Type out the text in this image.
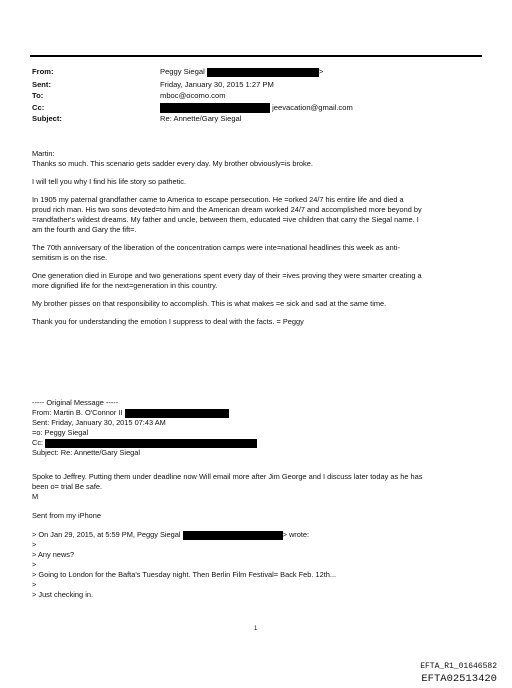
From:	Peggy Siegal	>
Sent:	Friday, January 30, 2015 1:27 PM
To:	mboc@ocomo.com
Cc:	jeevacation@gmail.com
Subject:	Re: Annette/Gary Siegal
Martin:

Thanks so much. This scenario gets sadder every day. My brother obviously=is broke.

I will tell you why I find his life story so pathetic.

In 1905 my paternal grandfather came to America to escape persecution. He =orked 24/7 his entire life and died a
proud rich man. His two sons devoted=to him and the American dream worked 24/7 and accomplished more beyond by
=randfather's wildest dreams. My father and uncle, between them, educated =ive children that carry the Siegal name. I
am the fourth and Gary the fift=.

The 70th anniversary of the liberation of the concentration camps were inte=national headlines this week as anti-
semitism is on the rise.

One generation died in Europe and two generations spent every day of their =ives proving they were smarter creating a
more dignified life for the next=generation in this country.

My brother pisses on that responsibility to accomplish. This is what makes =e sick and sad at the same time.

Thank you for understanding the emotion I suppress to deal with the facts. = Peggy

----- Original Message -----
From: Martin B. O'Connor II
Sent: Friday, January 30, 2015 07:43 AM
=o: Peggy Siegal
Cc:
Subject: Re: Annette/Gary Siegal
Spoke to Jeffrey. Putting them under deadline now Will email more after Jim George and I discuss later today as he has
been o= trial Be safe.
M
Sent from my iPhone
> On Jan 29, 2015, at 5:59 PM, Peggy Siegal	> wrote:
>
> Any news?
>
> Going to London for the Bafta's Tuesday night. Then Berlin Film Festival= Back Feb. 12th...
>
> Just checking in.
1
EFTA_R1_01646582
EFTA02513420
